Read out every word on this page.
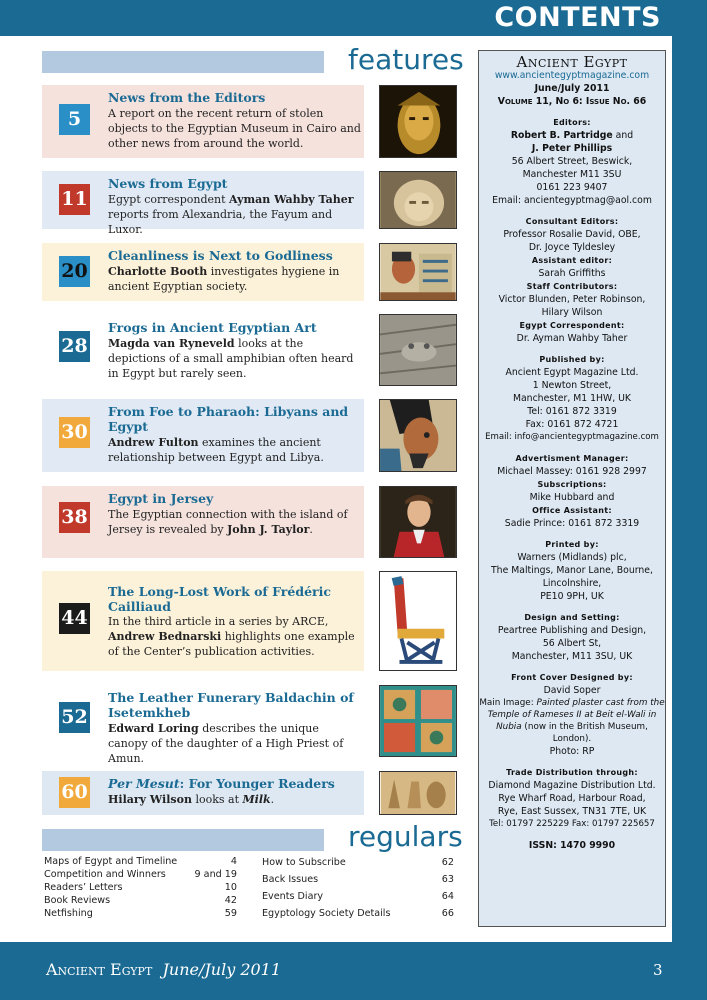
CONTENTS
Ancient Egypt June/July 2011	3
features
5
News from the Editors
A report on the recent return of stolen objects to the Egyptian Museum in Cairo and other news from around the world.
11
News from Egypt
Egypt correspondent Ayman Wahby Taher reports from Alexandria, the Fayum and Luxor.
20
Cleanliness is Next to Godliness
Charlotte Booth investigates hygiene in ancient Egyptian society.
28
Frogs in Ancient Egyptian Art
Magda van Ryneveld looks at the depictions of a small amphibian often heard in Egypt but rarely seen.
30
From Foe to Pharaoh: Libyans and Egypt
Andrew Fulton examines the ancient relationship between Egypt and Libya.
38
Egypt in Jersey
The Egyptian connection with the island of Jersey is revealed by John J. Taylor.
44
The Long-Lost Work of Frédéric Cailliaud
In the third article in a series by ARCE, Andrew Bednarski highlights one example of the Center’s publication activities.
52
The Leather Funerary Baldachin of Isetemkheb
Edward Loring describes the unique canopy of the daughter of a High Priest of Amun.
60 Per Mesut: For Younger Readers
Hilary Wilson looks at Milk.
regulars
Maps of Egypt and Timeline	4
Competition and Winners	9 and 19
Readers’ Letters	10
Book Reviews	42
Netfishing	59
How to Subscribe	62
Back Issues	63
Events Diary	64
Egyptology Society Details	66
Ancient Egypt
www.ancientegyptmagazine.com
June/July 2011
Volume 11, No 6: Issue No. 66
Editors:
Robert B. Partridge and
J. Peter Phillips
56 Albert Street, Beswick,
Manchester M11 3SU
0161 223 9407
Email: ancientegyptmag@aol.com
Consultant Editors:
Professor Rosalie David, OBE,
Dr. Joyce Tyldesley
Assistant editor:
Sarah Griffiths
Staff Contributors:
Victor Blunden, Peter Robinson,
Hilary Wilson
Egypt Correspondent:
Dr. Ayman Wahby Taher
Published by:
Ancient Egypt Magazine Ltd.
1 Newton Street,
Manchester, M1 1HW, UK
Tel: 0161 872 3319
Fax: 0161 872 4721
Email: info@ancientegyptmagazine.com
Advertisment Manager:
Michael Massey: 0161 928 2997
Subscriptions:
Mike Hubbard and
Office Assistant:
Sadie Prince: 0161 872 3319
Printed by:
Warners (Midlands) plc,
The Maltings, Manor Lane, Bourne,
Lincolnshire,
PE10 9PH, UK
Design and Setting:
Peartree Publishing and Design,
56 Albert St,
Manchester, M11 3SU, UK
Front Cover Designed by:
David Soper
Main Image: Painted plaster cast from the Temple of Rameses II at Beit el-Wali in Nubia (now in the British Museum, London).
Photo: RP
Trade Distribution through:
Diamond Magazine Distribution Ltd.
Rye Wharf Road, Harbour Road,
Rye, East Sussex, TN31 7TE, UK
Tel: 01797 225229 Fax: 01797 225657
ISSN: 1470 9990
